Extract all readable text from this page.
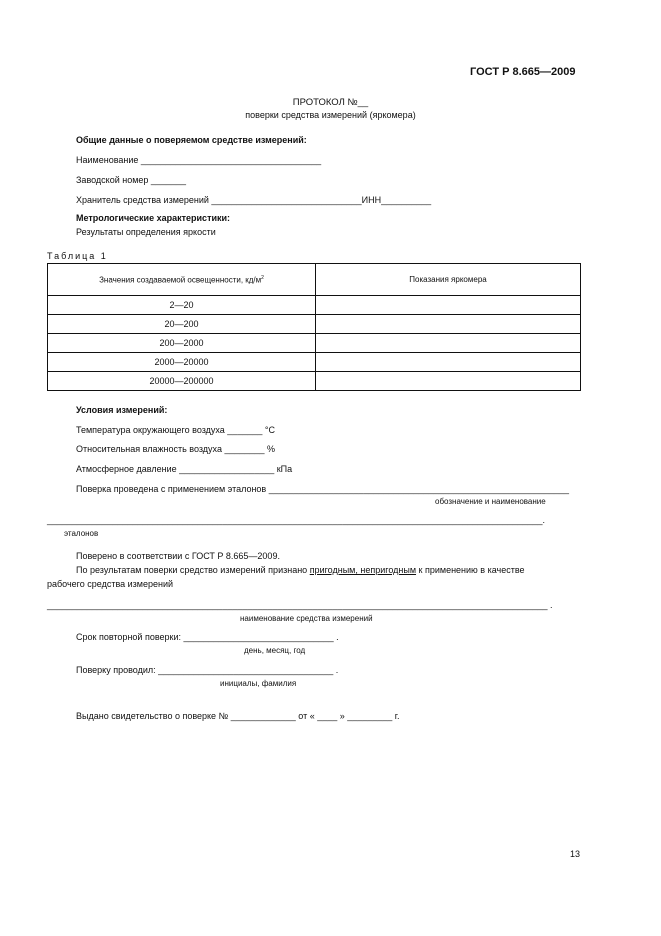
ГОСТ Р 8.665—2009
ПРОТОКОЛ №__
поверки средства измерений (яркомера)
Общие данные о поверяемом средстве измерений:
Наименование ____________________________________
Заводской номер _______
Хранитель средства измерений ______________________________ИНН__________
Метрологические характеристики:
Результаты определения яркости
Таблица 1
Значения создаваемой освещенности, $кд/м^2$	Показания яркомера
2—20	
20—200	
200—2000	
2000—20000	
20000—200000	
Условия измерений:
Температура окружающего воздуха _______ °С
Относительная влажность воздуха ________ %
Атмосферное давление ___________________ кПа
Поверка проведена с применением эталонов ____________________________________________________________
обозначение и наименование
___________________________________________________________________________________________________.
эталонов
Поверено в соответствии с ГОСТ Р 8.665—2009.
По результатам поверки средство измерений признано пригодным, непригодным к применению в качестве
рабочего средства измерений
____________________________________________________________________________________________________ .
наименование средства измерений
Срок повторной поверки: ______________________________ .
день, месяц, год
Поверку проводил: ___________________________________ .
инициалы, фамилия
Выдано свидетельство о поверке № _____________ от « ____ » _________ г.
13
